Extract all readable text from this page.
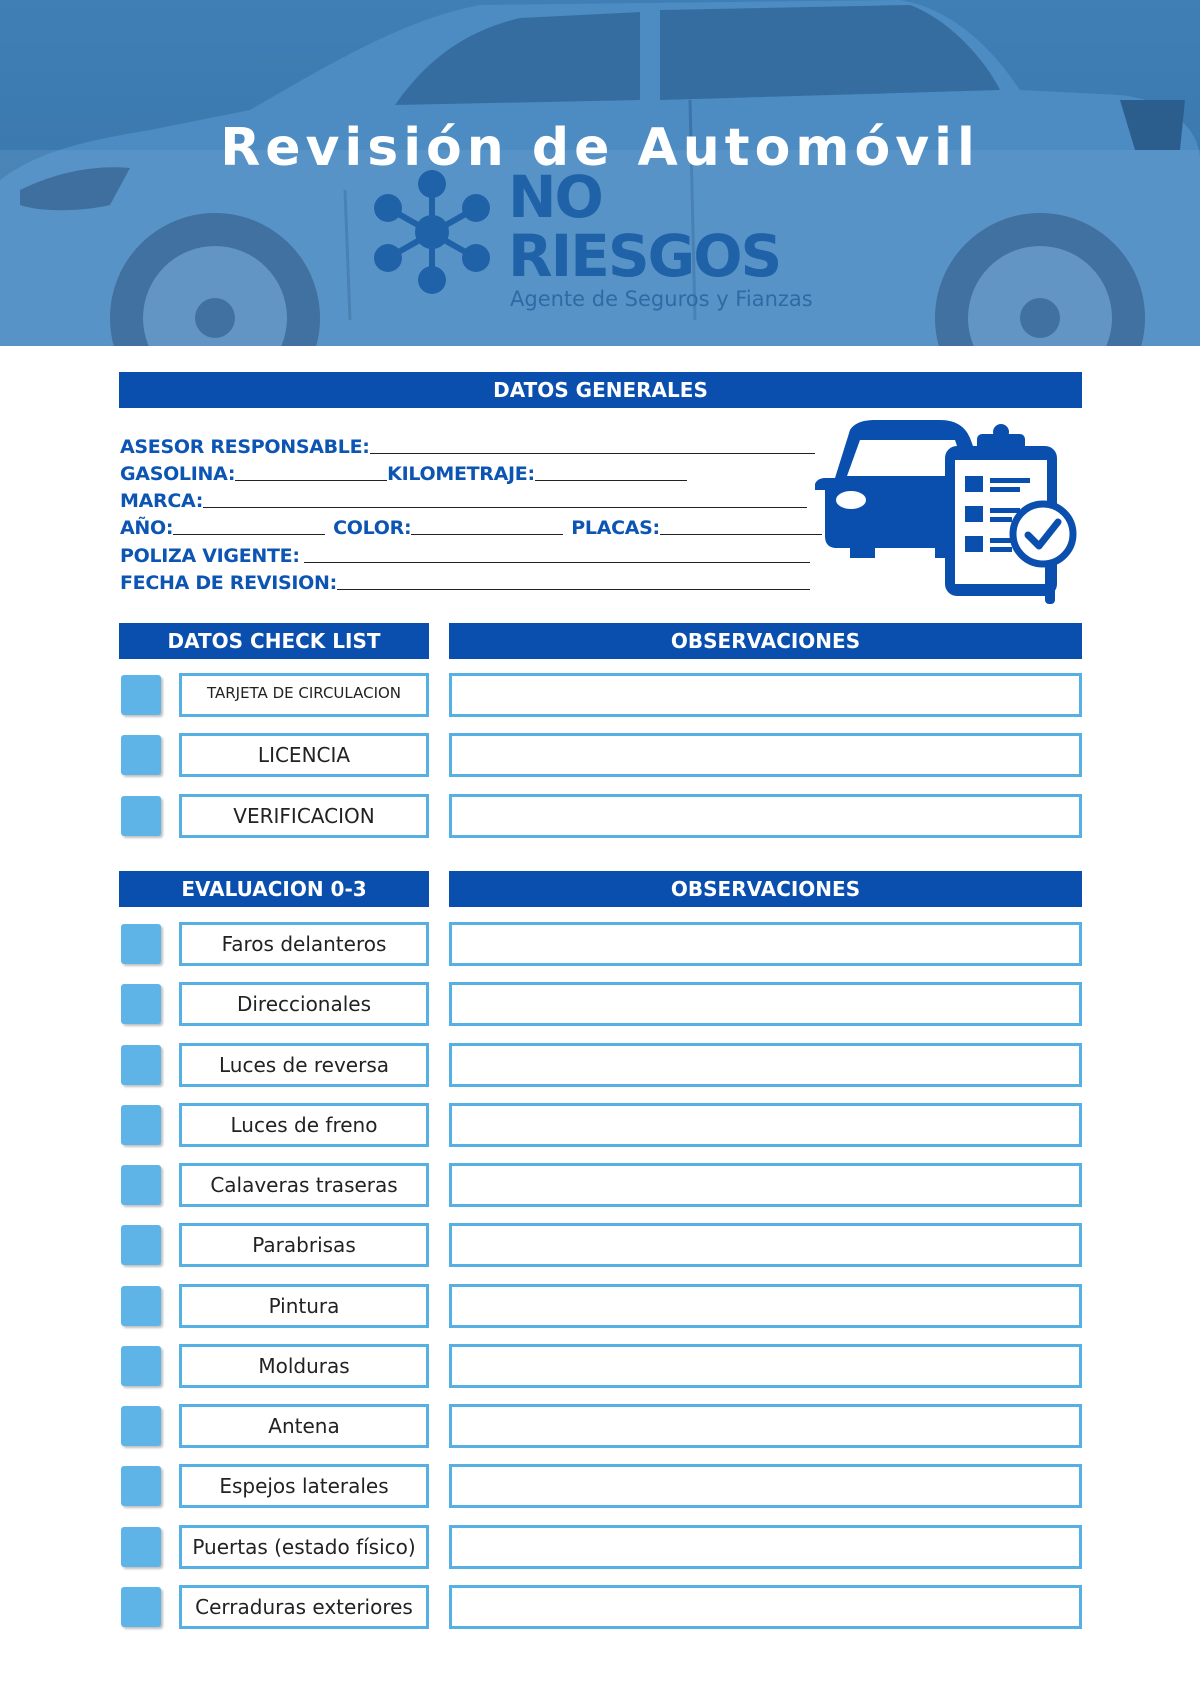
Revisión de Automóvil
NO
RIESGOS
Agente de Seguros y Fianzas
DATOS GENERALES
ASESOR RESPONSABLE:
GASOLINA:	KILOMETRAJE:
MARCA:
AÑO:	COLOR:	PLACAS:
POLIZA VIGENTE:
FECHA DE REVISION:
DATOS CHECK LIST	OBSERVACIONES
TARJETA DE CIRCULACION
LICENCIA
VERIFICACION
EVALUACION 0-3	OBSERVACIONES
Faros delanteros
Direccionales
Luces de reversa
Luces de freno
Calaveras traseras
Parabrisas
Pintura
Molduras
Antena
Espejos laterales
Puertas (estado físico)
Cerraduras exteriores
